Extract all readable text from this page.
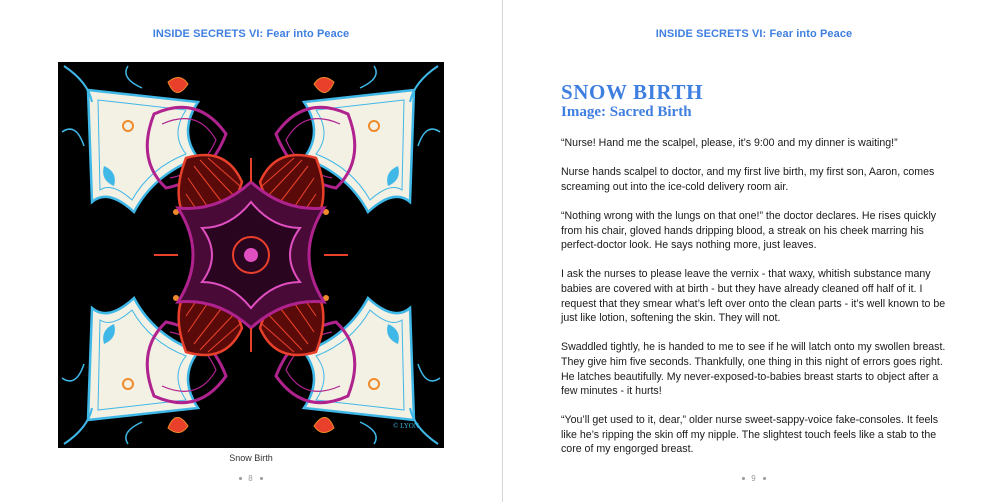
INSIDE SECRETS VI: Fear into Peace
© LYON
Snow Birth
8
INSIDE SECRETS VI: Fear into Peace
SNOW BIRTH
Image: Sacred Birth

“Nurse! Hand me the scalpel, please, it’s 9:00 and my dinner is waiting!”

Nurse hands scalpel to doctor, and my first live birth, my first son, Aaron, comes screaming out into the ice-cold delivery room air.

“Nothing wrong with the lungs on that one!” the doctor declares. He rises quickly from his chair, gloved hands dripping blood, a streak on his cheek marring his perfect-doctor look. He says nothing more, just leaves.

I ask the nurses to please leave the vernix - that waxy, whitish substance many babies are covered with at birth - but they have already cleaned off half of it. I request that they smear what’s left over onto the clean parts - it’s well known to be just like lotion, softening the skin. They will not.

Swaddled tightly, he is handed to me to see if he will latch onto my swollen breast. They give him five seconds. Thankfully, one thing in this night of errors goes right. He latches beautifully. My never-exposed-to-babies breast starts to object after a few minutes - it hurts!

“You’ll get used to it, dear,” older nurse sweet-sappy-voice fake-consoles. It feels like he’s ripping the skin off my nipple. The slightest touch feels like a stab to the core of my engorged breast.

9
